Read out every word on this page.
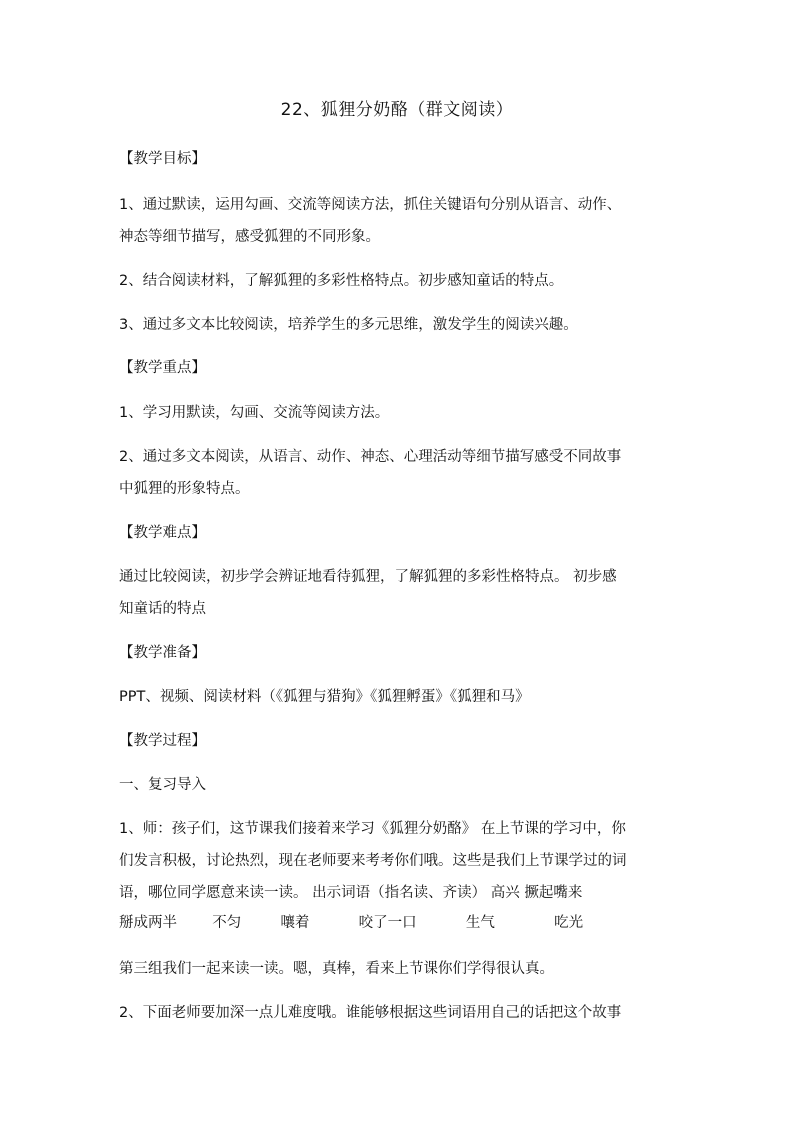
22、狐狸分奶酪（群文阅读）

【教学目标】

1、通过默读，运用勾画、交流等阅读方法，抓住关键语句分别从语言、动作、

神态等细节描写，感受狐狸的不同形象。

2、结合阅读材料，了解狐狸的多彩性格特点。初步感知童话的特点。

3、通过多文本比较阅读，培养学生的多元思维，激发学生的阅读兴趣。

【教学重点】

1、学习用默读，勾画、交流等阅读方法。

2、通过多文本阅读，从语言、动作、神态、心理活动等细节描写感受不同故事

中狐狸的形象特点。

【教学难点】

通过比较阅读，初步学会辨证地看待狐狸，了解狐狸的多彩性格特点。 初步感

知童话的特点

【教学准备】

PPT、视频、阅读材料（《狐狸与猎狗》《狐狸孵蛋》《狐狸和马》

【教学过程】

一、复习导入

1、师：孩子们，这节课我们接着来学习《狐狸分奶酪》 在上节课的学习中，你

们发言积极，讨论热烈，现在老师要来考考你们哦。这些是我们上节课学过的词

语，哪位同学愿意来读一读。 出示词语（指名读、齐读） 高兴 撅起嘴来

掰成两半 不匀	嚷着	咬了一口	生气	吃光

第三组我们一起来读一读。嗯，真棒，看来上节课你们学得很认真。

2、下面老师要加深一点儿难度哦。谁能够根据这些词语用自己的话把这个故事
